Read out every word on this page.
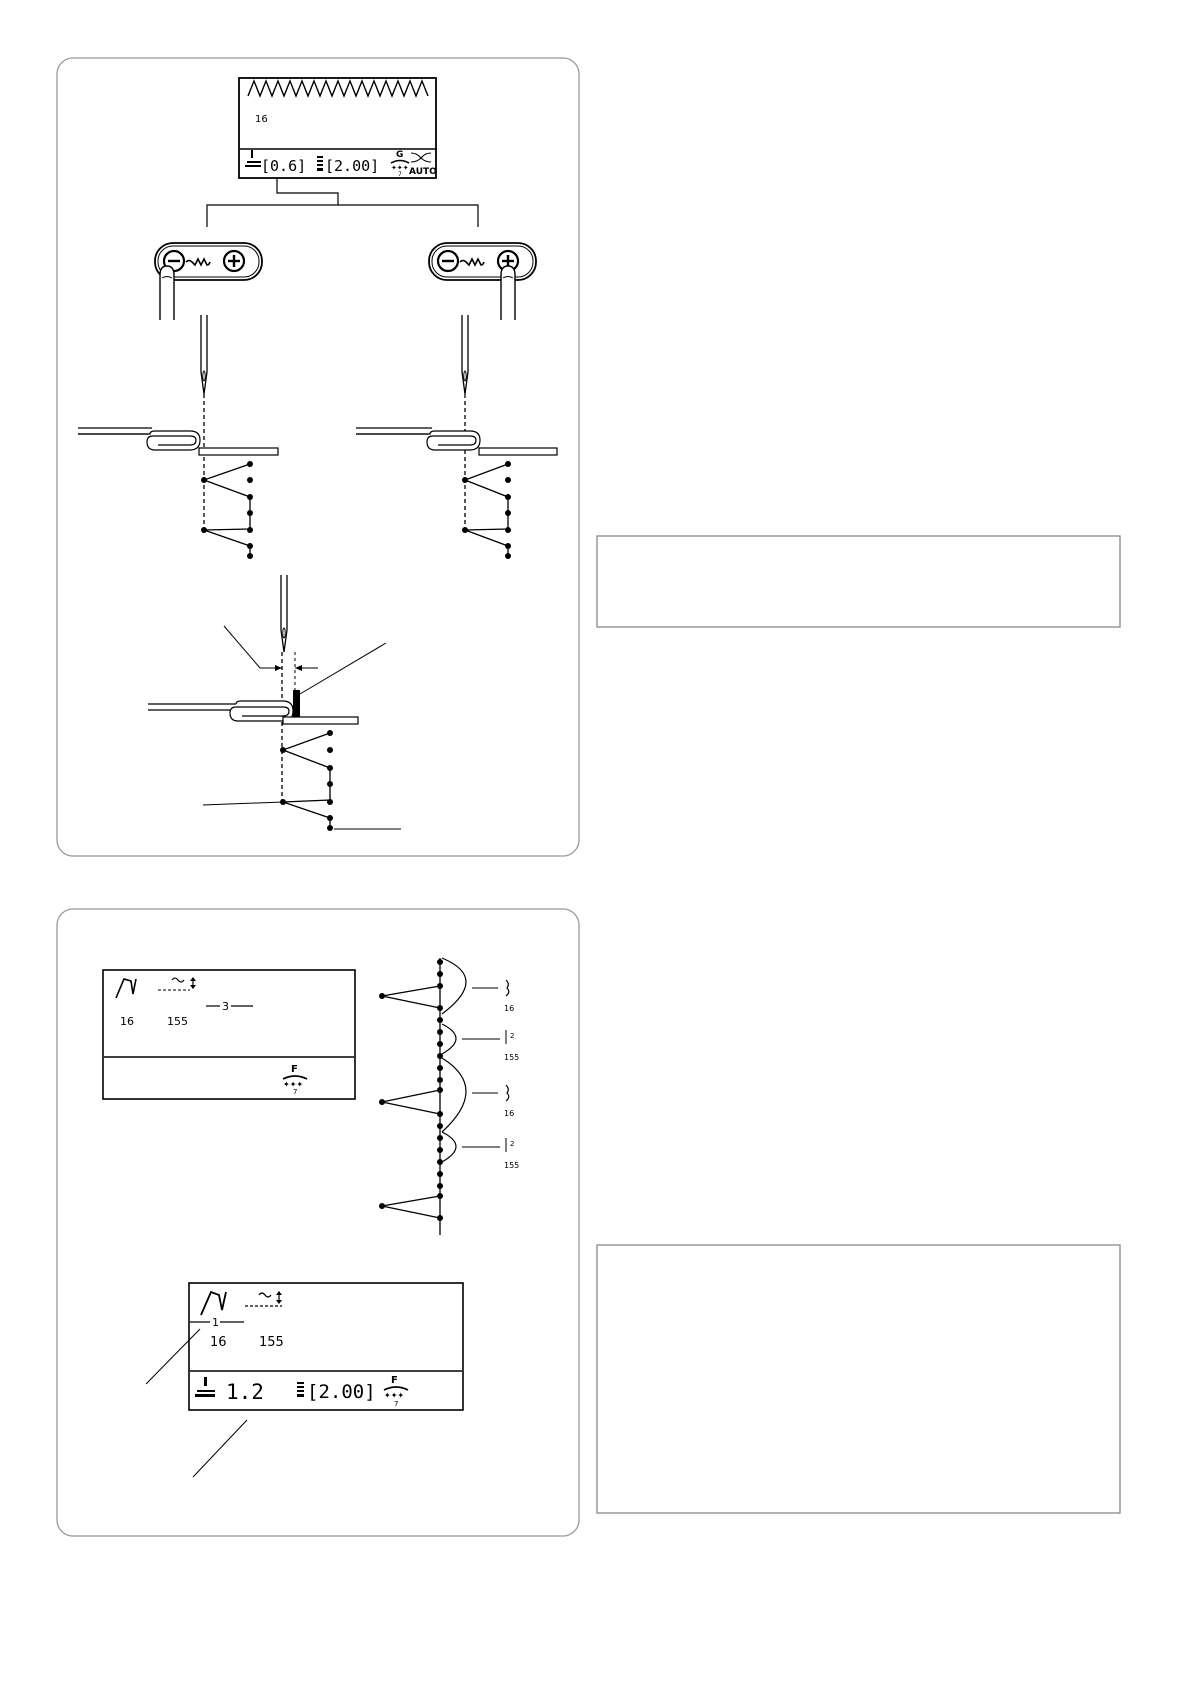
16
[0.6] [2.00]
G
✦✦✦
7 AUTO
3
16	155
F
✦✦✦
7
16
2
155
16
2
155
1
16 155
1.2 [2.00]
F
✦✦✦
7
